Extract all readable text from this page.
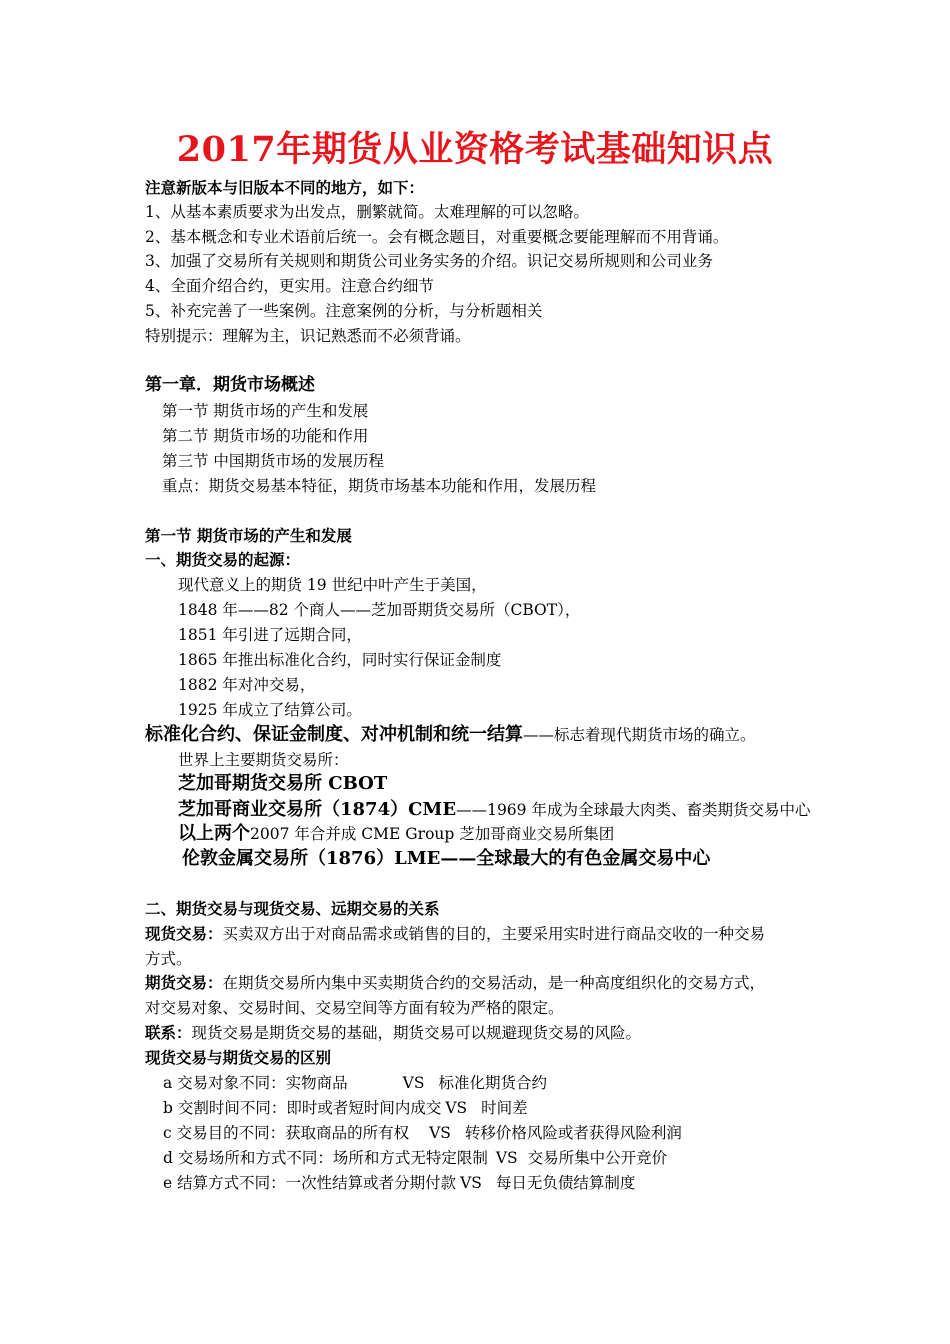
2017年期货从业资格考试基础知识点
注意新版本与旧版本不同的地方，如下：
1、从基本素质要求为出发点，删繁就简。太难理解的可以忽略。
2、基本概念和专业术语前后统一。会有概念题目，对重要概念要能理解而不用背诵。
3、加强了交易所有关规则和期货公司业务实务的介绍。识记交易所规则和公司业务
4、全面介绍合约，更实用。注意合约细节
5、补充完善了一些案例。注意案例的分析，与分析题相关
特别提示：理解为主，识记熟悉而不必须背诵。
第一章．期货市场概述
第一节 期货市场的产生和发展
第二节 期货市场的功能和作用
第三节 中国期货市场的发展历程
重点：期货交易基本特征，期货市场基本功能和作用，发展历程
第一节 期货市场的产生和发展
一、期货交易的起源：
现代意义上的期货 19 世纪中叶产生于美国，
1848 年——82 个商人——芝加哥期货交易所（CBOT），
1851 年引进了远期合同，
1865 年推出标准化合约，同时实行保证金制度
1882 年对冲交易，
1925 年成立了结算公司。
标准化合约、保证金制度、对冲机制和统一结算——标志着现代期货市场的确立。
世界上主要期货交易所：
芝加哥期货交易所 CBOT
芝加哥商业交易所（1874）CME——1969 年成为全球最大肉类、畜类期货交易中心
以上两个2007 年合并成 CME Group 芝加哥商业交易所集团
伦敦金属交易所（1876）LME——全球最大的有色金属交易中心
二、期货交易与现货交易、远期交易的关系
现货交易：买卖双方出于对商品需求或销售的目的，主要采用实时进行商品交收的一种交易
方式。
期货交易：在期货交易所内集中买卖期货合约的交易活动，是一种高度组织化的交易方式，
对交易对象、交易时间、交易空间等方面有较为严格的限定。
联系：现货交易是期货交易的基础，期货交易可以规避现货交易的风险。
现货交易与期货交易的区别
a 交易对象不同：实物商品	VS 标准化期货合约
b 交割时间不同：即时或者短时间内成交 VS 时间差
c 交易目的不同：获取商品的所有权 VS 转移价格风险或者获得风险利润
d 交易场所和方式不同：场所和方式无特定限制 VS 交易所集中公开竞价
e 结算方式不同：一次性结算或者分期付款 VS 每日无负债结算制度
